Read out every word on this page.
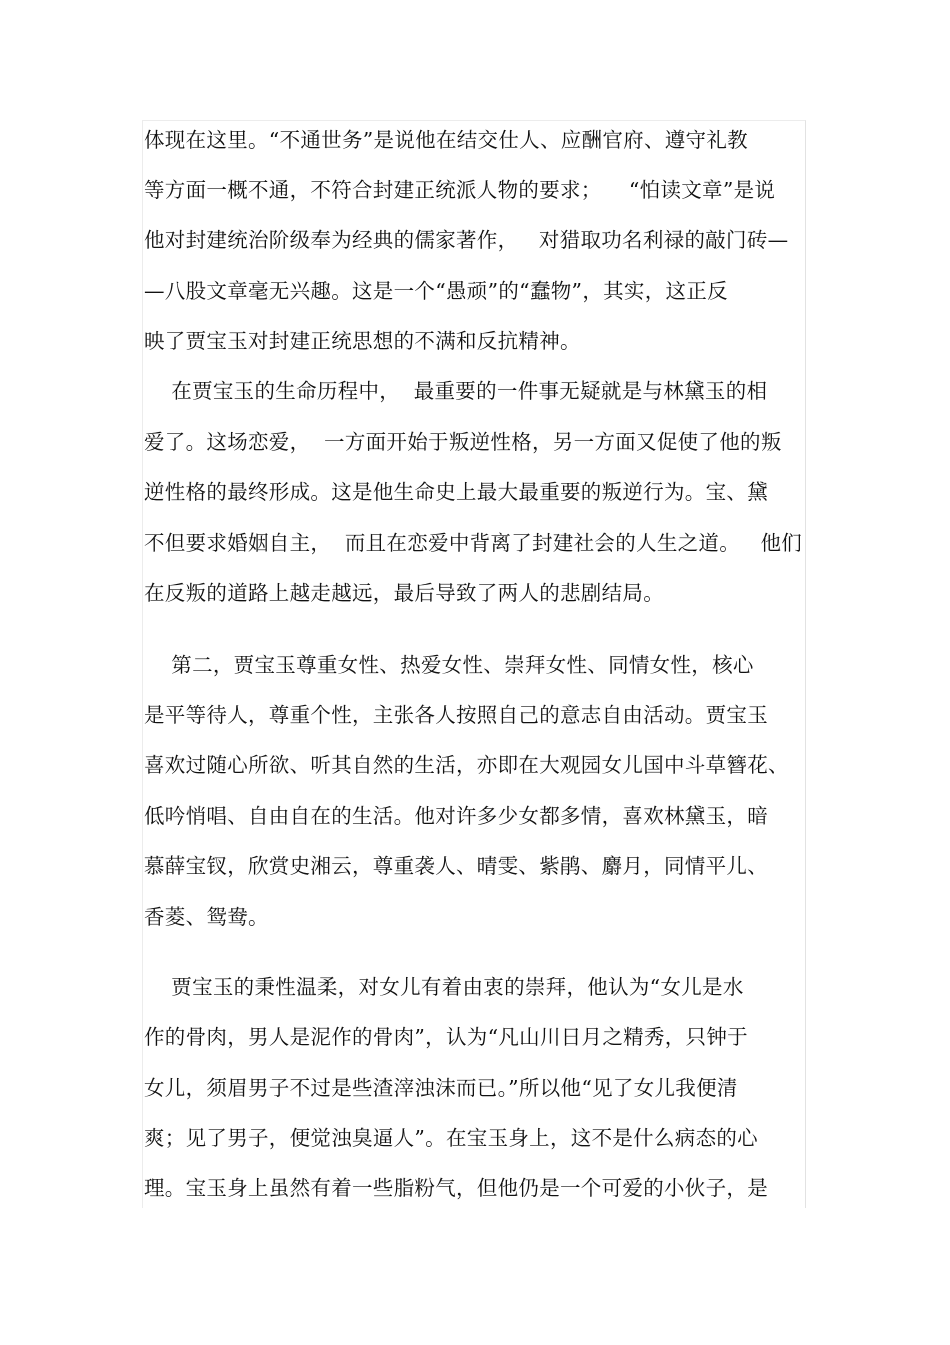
体现在这里。“不通世务”是说他在结交仕人、应酬官府、遵守礼教
等方面一概不通，不符合封建正统派人物的要求；    “怕读文章”是说
他对封建统治阶级奉为经典的儒家著作，   对猎取功名利禄的敲门砖—
—八股文章毫无兴趣。这是一个“愚顽”的“蠢物”，其实，这正反
映了贾宝玉对封建正统思想的不满和反抗精神。
在贾宝玉的生命历程中，  最重要的一件事无疑就是与林黛玉的相
爱了。这场恋爱，  一方面开始于叛逆性格，另一方面又促使了他的叛
逆性格的最终形成。这是他生命史上最大最重要的叛逆行为。宝、黛
不但要求婚姻自主，  而且在恋爱中背离了封建社会的人生之道。   他们
在反叛的道路上越走越远，最后导致了两人的悲剧结局。
第二，贾宝玉尊重女性、热爱女性、崇拜女性、同情女性，核心
是平等待人，尊重个性，主张各人按照自己的意志自由活动。贾宝玉
喜欢过随心所欲、听其自然的生活，亦即在大观园女儿国中斗草簪花、
低吟悄唱、自由自在的生活。他对许多少女都多情，喜欢林黛玉，暗
慕薛宝钗，欣赏史湘云，尊重袭人、晴雯、紫鹃、麝月，同情平儿、
香菱、鸳鸯。
贾宝玉的秉性温柔，对女儿有着由衷的崇拜，他认为“女儿是水
作的骨肉，男人是泥作的骨肉”，认为“凡山川日月之精秀，只钟于
女儿，须眉男子不过是些渣滓浊沫而已。”所以他“见了女儿我便清
爽；见了男子，便觉浊臭逼人”。在宝玉身上，这不是什么病态的心
理。宝玉身上虽然有着一些脂粉气，但他仍是一个可爱的小伙子，是
